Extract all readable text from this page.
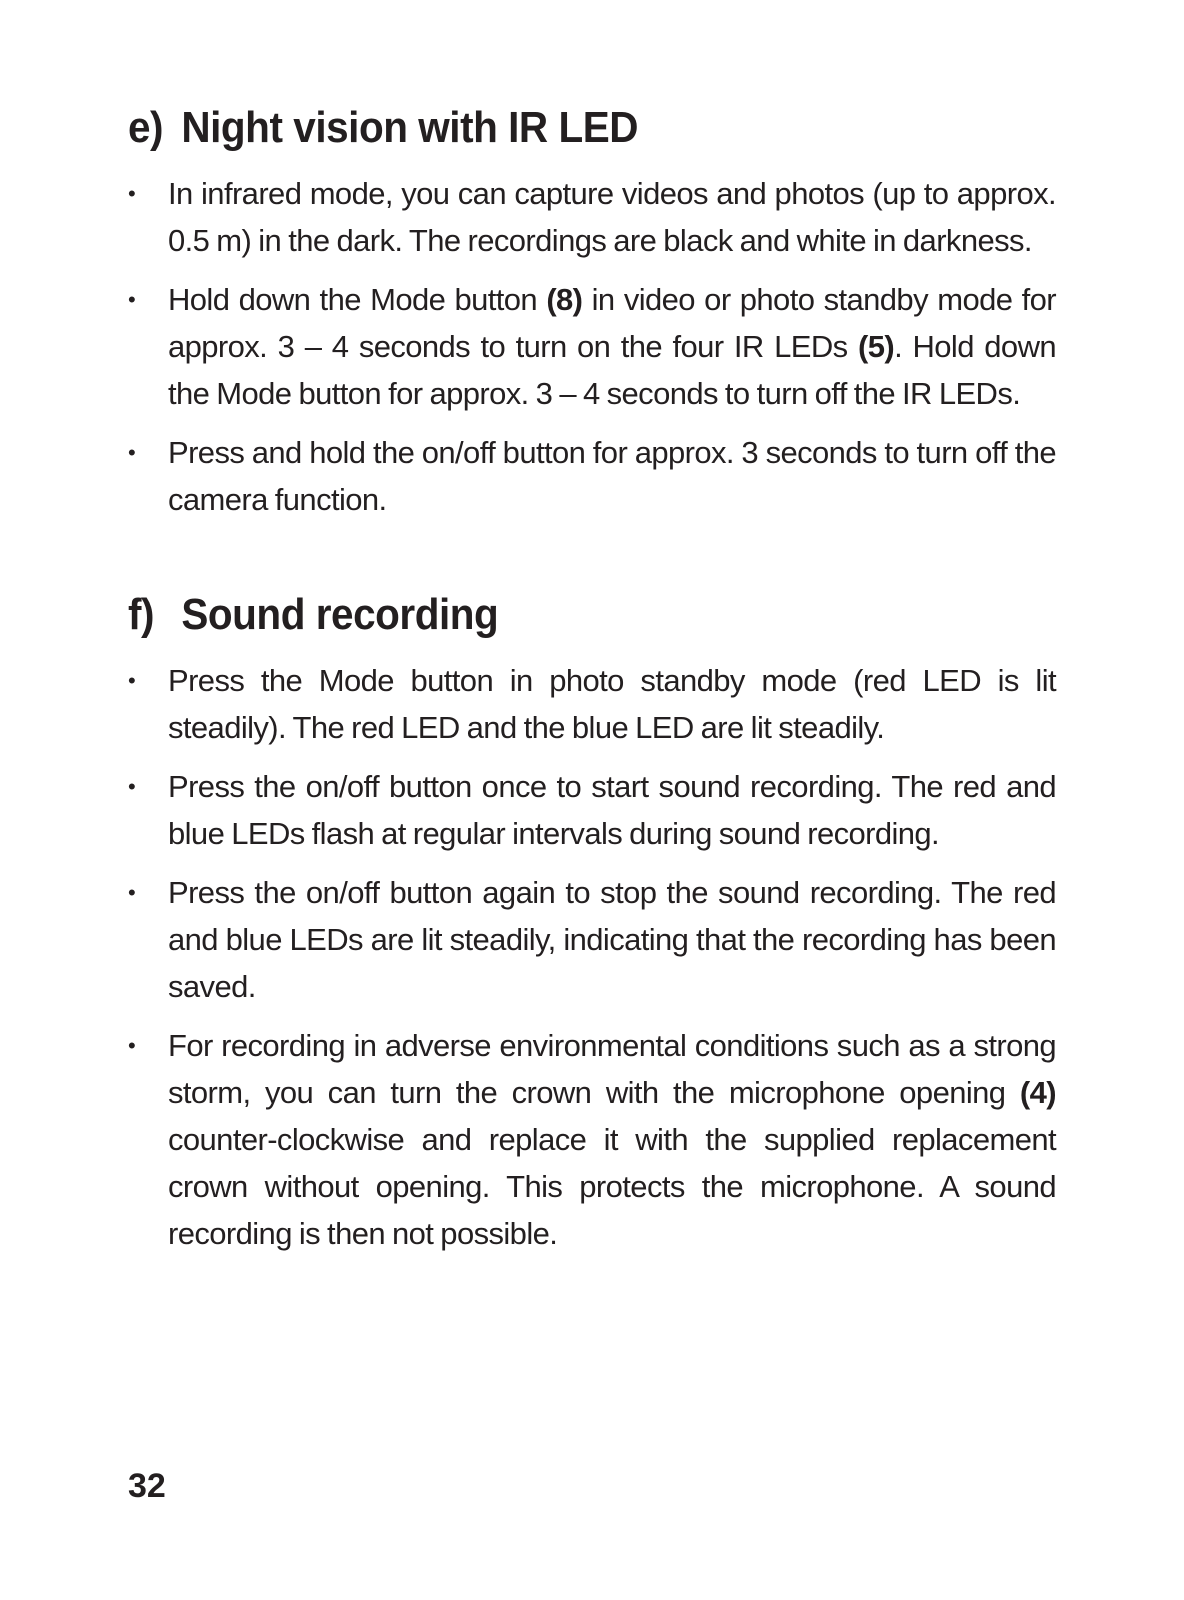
e) Night vision with IR LED
• In infrared mode, you can capture videos and photos (up to approx. 0.5 m) in the dark. The recordings are black and white in darkness.
• Hold down the Mode button (8) in video or photo standby mode for approx. 3 – 4 seconds to turn on the four IR LEDs (5). Hold down the Mode button for approx. 3 – 4 seconds to turn off the IR LEDs.
• Press and hold the on/off button for approx. 3 seconds to turn off the camera function.
f) Sound recording
• Press the Mode button in photo standby mode (red LED is lit steadily). The red LED and the blue LED are lit steadily.
• Press the on/off button once to start sound recording. The red and blue LEDs flash at regular intervals during sound recording.
• Press the on/off button again to stop the sound recording. The red and blue LEDs are lit steadily, indicating that the recording has been saved.
• For recording in adverse environmental conditions such as a strong storm, you can turn the crown with the microphone opening (4) counter-clockwise and replace it with the supplied replacement crown without opening. This protects the microphone. A sound recording is then not possible.
32
